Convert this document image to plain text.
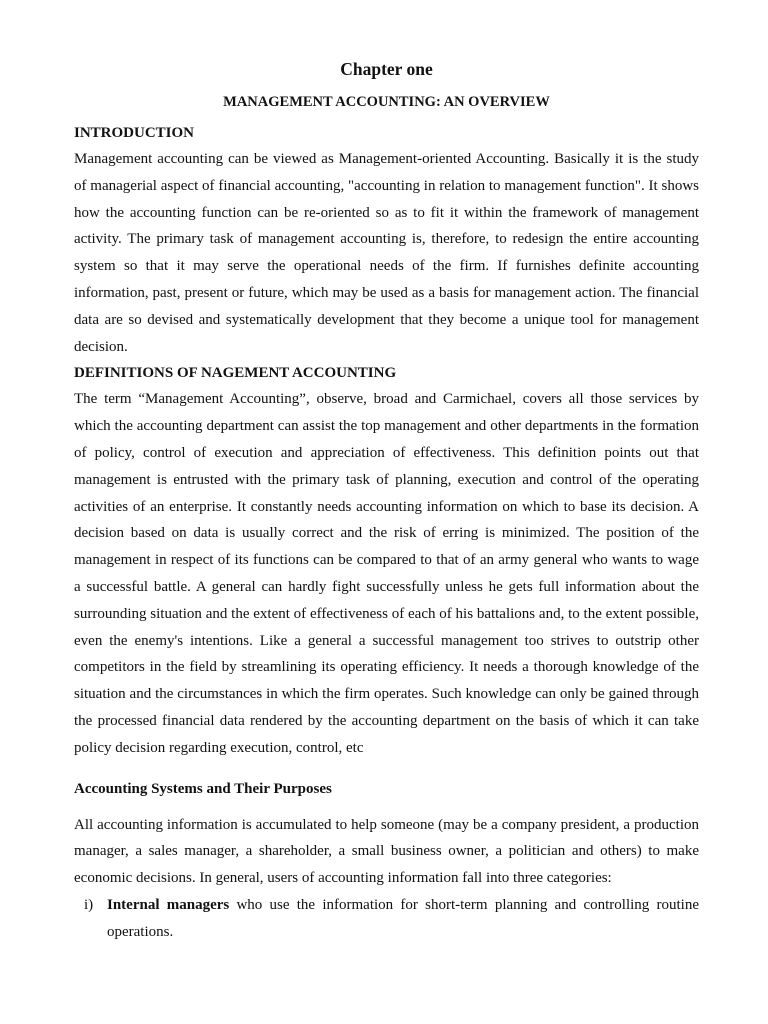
Chapter one

MANAGEMENT ACCOUNTING: AN OVERVIEW

INTRODUCTION

Management accounting can be viewed as Management-oriented Accounting. Basically it is the study of managerial aspect of financial accounting, "accounting in relation to management function". It shows how the accounting function can be re-oriented so as to fit it within the framework of management activity. The primary task of management accounting is, therefore, to redesign the entire accounting system so that it may serve the operational needs of the firm. If furnishes definite accounting information, past, present or future, which may be used as a basis for management action. The financial data are so devised and systematically development that they become a unique tool for management decision.

DEFINITIONS OF NAGEMENT ACCOUNTING

The term “Management Accounting”, observe, broad and Carmichael, covers all those services by which the accounting department can assist the top management and other departments in the formation of policy, control of execution and appreciation of effectiveness. This definition points out that management is entrusted with the primary task of planning, execution and control of the operating activities of an enterprise. It constantly needs accounting information on which to base its decision. A decision based on data is usually correct and the risk of erring is minimized. The position of the management in respect of its functions can be compared to that of an army general who wants to wage a successful battle. A general can hardly fight successfully unless he gets full information about the surrounding situation and the extent of effectiveness of each of his battalions and, to the extent possible, even the enemy's intentions. Like a general a successful management too strives to outstrip other competitors in the field by streamlining its operating efficiency. It needs a thorough knowledge of the situation and the circumstances in which the firm operates. Such knowledge can only be gained through the processed financial data rendered by the accounting department on the basis of which it can take policy decision regarding execution, control, etc

Accounting Systems and Their Purposes

All accounting information is accumulated to help someone (may be a company president, a production manager, a sales manager, a shareholder, a small business owner, a politician and others) to make economic decisions. In general, users of accounting information fall into three categories:

i) Internal managers who use the information for short-term planning and controlling routine operations.
